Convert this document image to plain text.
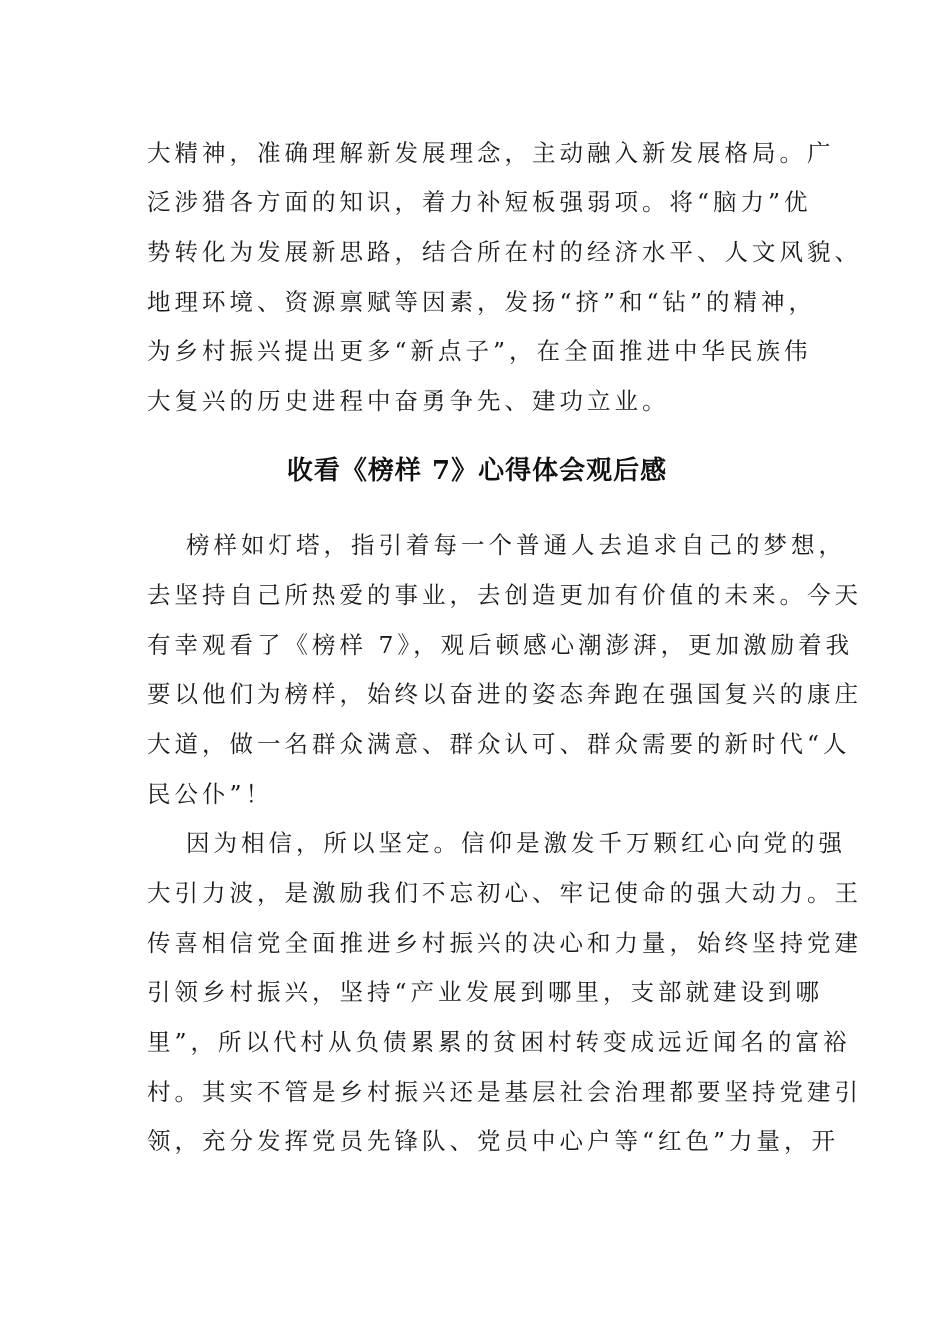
大精神，准确理解新发展理念，主动融入新发展格局。广
泛涉猎各方面的知识，着力补短板强弱项。将“脑力”优
势转化为发展新思路，结合所在村的经济水平、人文风貌、
地理环境、资源禀赋等因素，发扬“挤”和“钻”的精神，
为乡村振兴提出更多“新点子”，在全面推进中华民族伟
大复兴的历史进程中奋勇争先、建功立业。
收看《榜样 7》心得体会观后感
榜样如灯塔，指引着每一个普通人去追求自己的梦想，
去坚持自己所热爱的事业，去创造更加有价值的未来。今天
有幸观看了《榜样 7》，观后顿感心潮澎湃，更加激励着我
要以他们为榜样，始终以奋进的姿态奔跑在强国复兴的康庄
大道，做一名群众满意、群众认可、群众需要的新时代“人
民公仆”！
因为相信，所以坚定。信仰是激发千万颗红心向党的强
大引力波，是激励我们不忘初心、牢记使命的强大动力。王
传喜相信党全面推进乡村振兴的决心和力量，始终坚持党建
引领乡村振兴，坚持“产业发展到哪里，支部就建设到哪
里”，所以代村从负债累累的贫困村转变成远近闻名的富裕
村。其实不管是乡村振兴还是基层社会治理都要坚持党建引
领，充分发挥党员先锋队、党员中心户等“红色”力量，开
